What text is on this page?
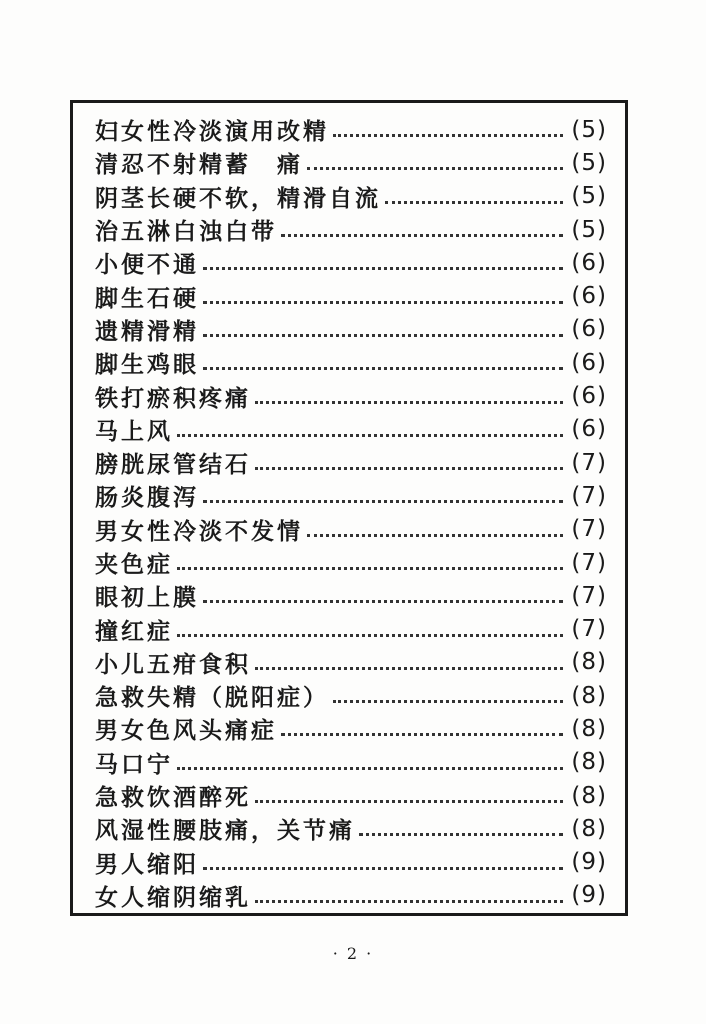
妇女性冷淡演用改精	(5)
清忍不射精蓄　痛	(5)
阴茎长硬不软，精滑自流	(5)
治五淋白浊白带	(5)
小便不通	(6)
脚生石硬	(6)
遗精滑精	(6)
脚生鸡眼	(6)
铁打瘀积疼痛	(6)
马上风	(6)
膀胱尿管结石	(7)
肠炎腹泻	(7)
男女性冷淡不发情	(7)
夹色症	(7)
眼初上膜	(7)
撞红症	(7)
小儿五疳食积	(8)
急救失精（脱阳症）	(8)
男女色风头痛症	(8)
马口宁	(8)
急救饮酒醉死	(8)
风湿性腰肢痛，关节痛	(8)
男人缩阳	(9)
女人缩阴缩乳	(9)
· 2 ·
